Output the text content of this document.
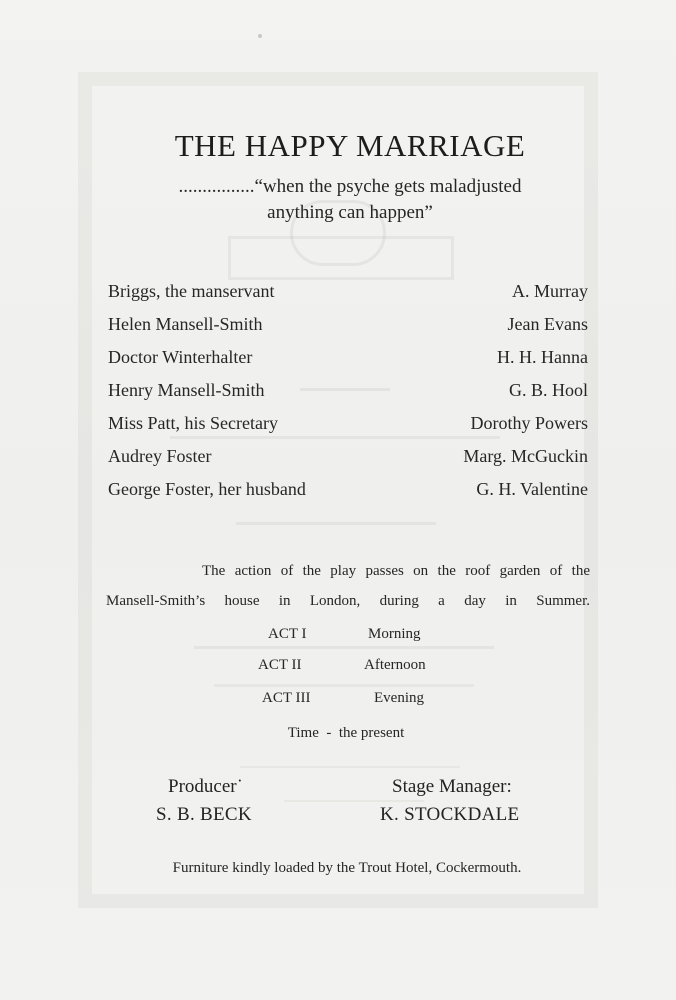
THE HAPPY MARRIAGE
................“when the psyche gets maladjusted
anything can happen”
Briggs, the manservant	A. Murray
Helen Mansell-Smith	Jean Evans
Doctor Winterhalter	H. H. Hanna
Henry Mansell-Smith	G. B. Hool
Miss Patt, his Secretary	Dorothy Powers
Audrey Foster	Marg. McGuckin
George Foster, her husband	G. H. Valentine
The action of the play passes on the roof garden of the
Mansell-Smith’s house in London, during a day in Summer.
ACT I	Morning
ACT II	Afternoon
ACT III	Evening
Time  -  the present
Producer˙
S. B. BECK
Stage Manager:
K. STOCKDALE
Furniture kindly loaded by the Trout Hotel, Cockermouth.
